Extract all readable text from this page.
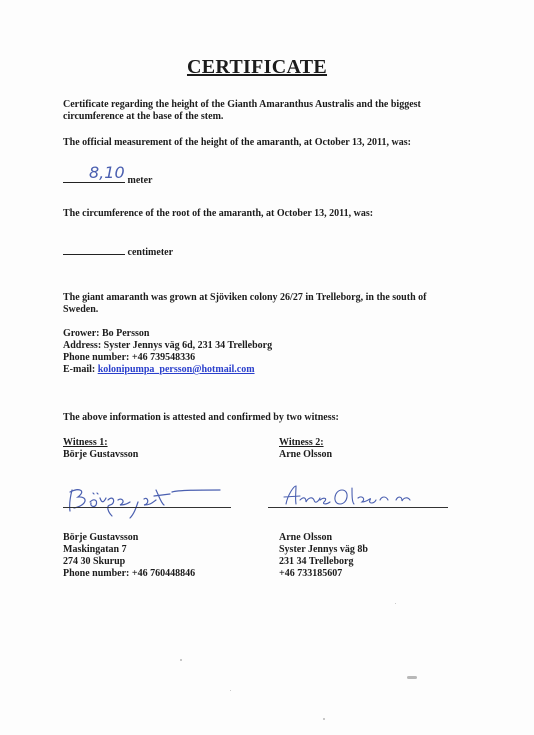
CERTIFICATE
Certificate regarding the height of the Gianth Amaranthus Australis and the biggest circumference at the base of the stem.
The official measurement of the height of the amaranth, at October 13, 2011, was:
meter
8,10
The circumference of the root of the amaranth, at October 13, 2011, was:
centimeter
The giant amaranth was grown at Sjöviken colony 26/27 in Trelleborg, in the south of Sweden.
Grower: Bo Persson
Address: Syster Jennys väg 6d, 231 34 Trelleborg
Phone number: +46 739548336
E-mail: kolonipumpa_persson@hotmail.com
The above information is attested and confirmed by two witness:
Witness 1:
Börje Gustavsson
Witness 2:
Arne Olsson
Börje Gustavsson
Maskingatan 7
274 30 Skurup
Phone number: +46 760448846
Arne Olsson
Syster Jennys väg 8b
231 34 Trelleborg
+46 733185607
